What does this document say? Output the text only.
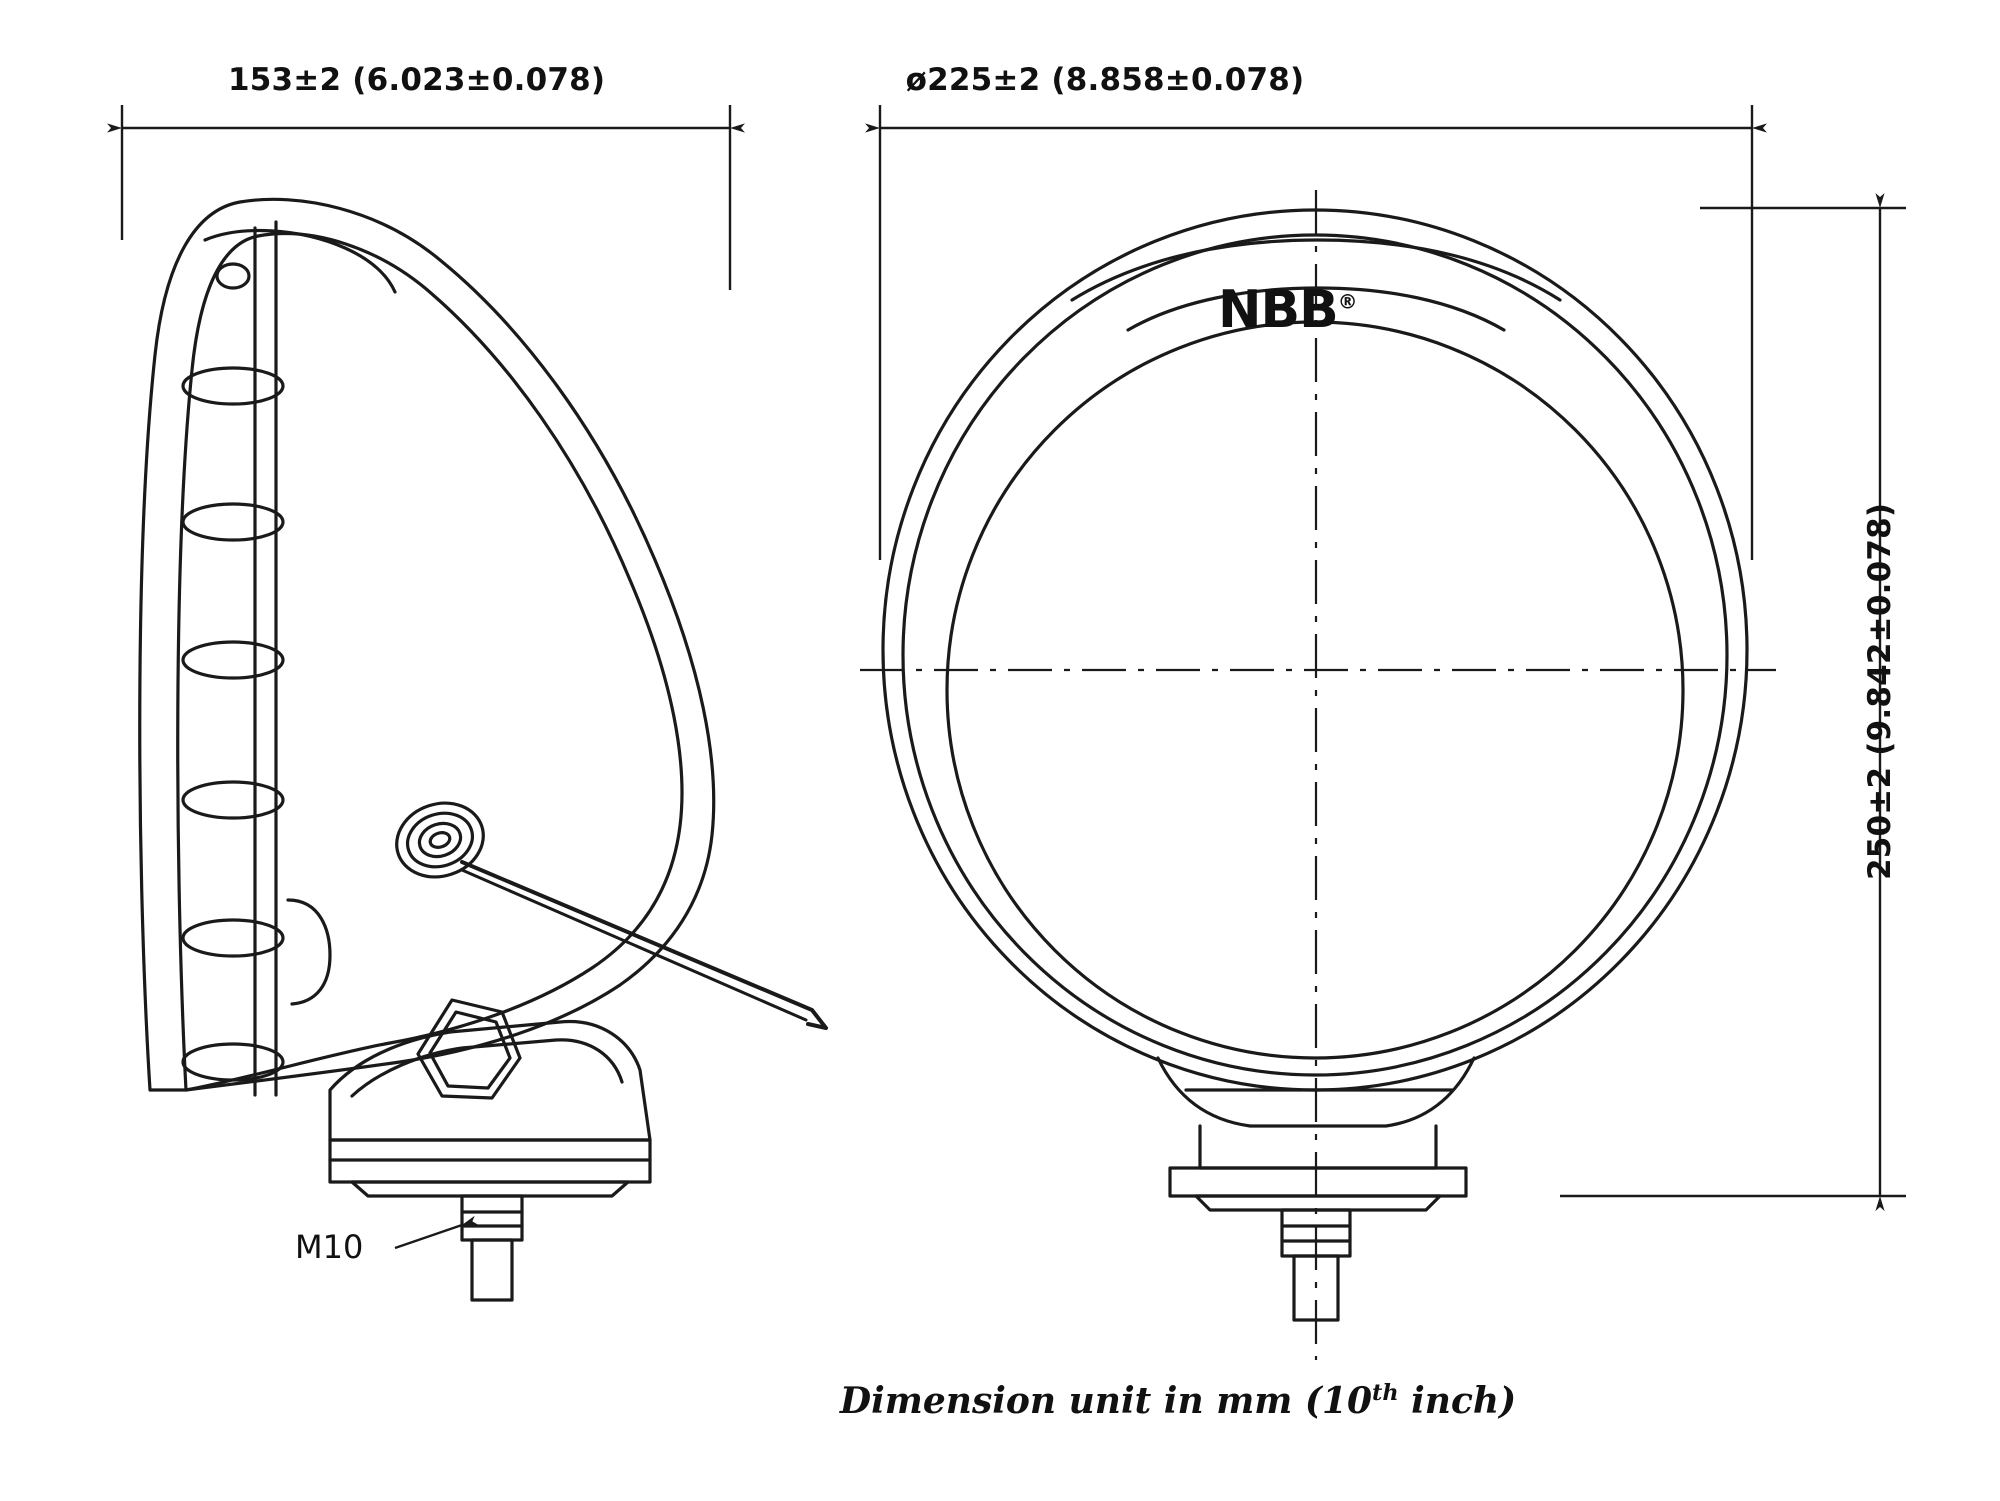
153±2 (6.023±0.078)	ø225±2 (8.858±0.078)
250±2 (9.842±0.078)
M10
NBB®
Dimension unit in mm (10th inch)
